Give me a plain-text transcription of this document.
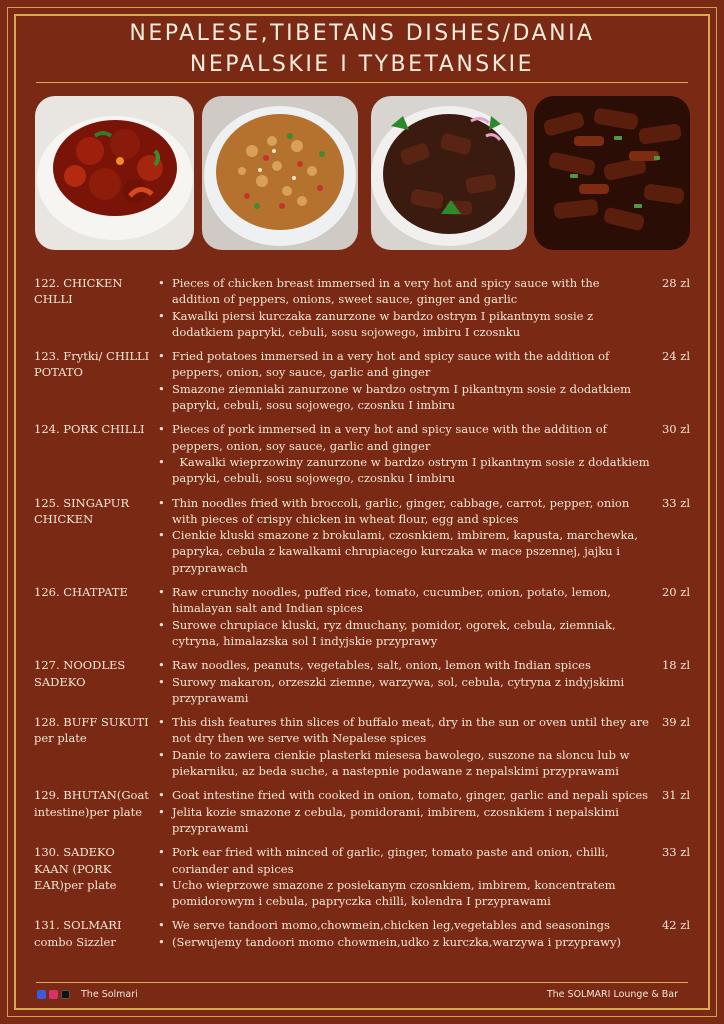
NEPALESE,TIBETANS DISHES/DANIA
NEPALSKIE I TYBETANSKIE
122. CHICKEN CHLLI
• Pieces of chicken breast immersed in a very hot and spicy sauce with the addition of peppers, onions, sweet sauce, ginger and garlic
• Kawalki piersi kurczaka zanurzone w bardzo ostrym I pikantnym sosie z dodatkiem papryki, cebuli, sosu sojowego, imbiru I czosnku
28 zl
123. Frytki/ CHILLI POTATO
• Fried potatoes immersed in a very hot and spicy sauce with the addition of peppers, onion, soy sauce, garlic and ginger
• Smazone ziemniaki zanurzone w bardzo ostrym I pikantnym sosie z dodatkiem papryki, cebuli, sosu sojowego, czosnku I imbiru
24 zl
124. PORK CHILLI	• Pieces of pork immersed in a very hot and spicy sauce with the addition of peppers, onion, soy sauce, garlic and ginger
•   Kawalki wieprzowiny zanurzone w bardzo ostrym I pikantnym sosie z dodatkiem papryki, cebuli, sosu sojowego, czosnku I imbiru
30 zl
125. SINGAPUR CHICKEN
• Thin noodles fried with broccoli, garlic, ginger, cabbage, carrot, pepper, onion with pieces of crispy chicken in wheat flour, egg and spices
• Cienkie kluski smazone z brokulami, czosnkiem, imbirem, kapusta, marchewka, papryka, cebula z kawalkami chrupiacego kurczaka w mace pszennej, jajku i przyprawach
33 zl
126. CHATPATE	• Raw crunchy noodles, puffed rice, tomato, cucumber, onion, potato, lemon, himalayan salt and Indian spices
• Surowe chrupiace kluski, ryz dmuchany, pomidor, ogorek, cebula, ziemniak, cytryna, himalazska sol I indyjskie przyprawy
20 zl
127. NOODLES SADEKO
• Raw noodles, peanuts, vegetables, salt, onion, lemon with Indian spices
• Surowy makaron, orzeszki ziemne, warzywa, sol, cebula, cytryna z indyjskimi przyprawami
18 zl
128. BUFF SUKUTI per plate
• This dish features thin slices of buffalo meat, dry in the sun or oven until they are not dry then we serve with Nepalese spices
• Danie to zawiera cienkie plasterki miesesa bawolego, suszone na sloncu lub w piekarniku, az beda suche, a nastepnie podawane z nepalskimi przyprawami
39 zl
129. BHUTAN(Goat intestine)per plate
• Goat intestine fried with cooked in onion, tomato, ginger, garlic and nepali spices
• Jelita kozie smazone z cebula, pomidorami, imbirem, czosnkiem i nepalskimi przyprawami
31 zl
130. SADEKO KAAN (PORK EAR)per plate
• Pork ear fried with minced of garlic, ginger, tomato paste and onion, chilli, coriander and spices
• Ucho wieprzowe smazone z posiekanym czosnkiem, imbirem, koncentratem pomidorowym i cebula, papryczka chilli, kolendra I przyprawami
33 zl
131. SOLMARI combo Sizzler
• We serve tandoori momo,chowmein,chicken leg,vegetables and seasonings
• (Serwujemy tandoori momo chowmein,udko z kurczka,warzywa i przyprawy)
42 zl
The Solmari	The SOLMARI Lounge & Bar
